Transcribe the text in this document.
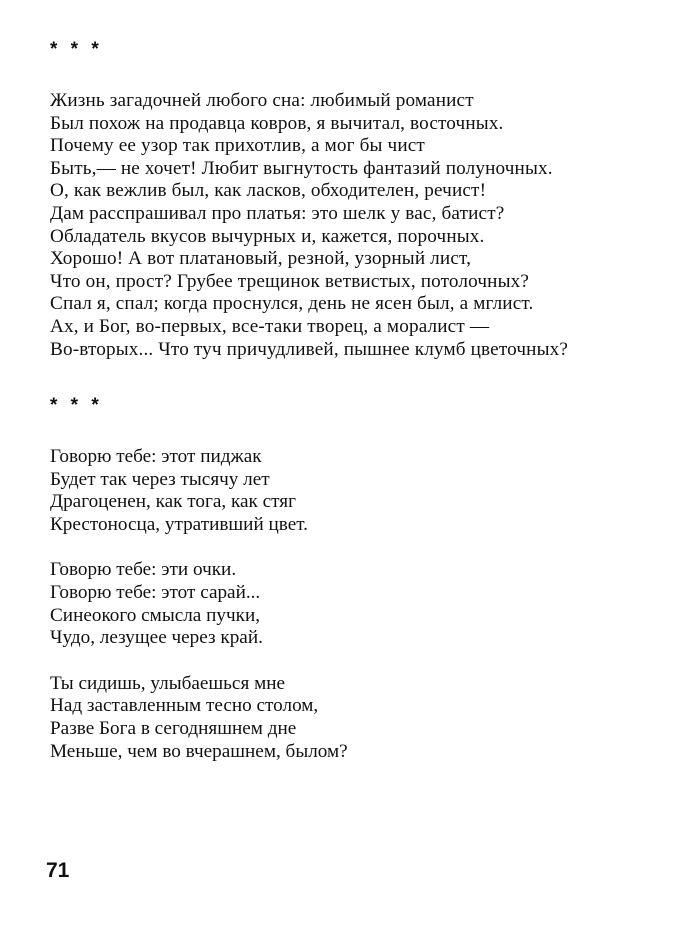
* * *
Жизнь загадочней любого сна: любимый романист
Был похож на продавца ковров, я вычитал, восточных.
Почему ее узор так прихотлив, а мог бы чист
Быть,— не хочет! Любит выгнутость фантазий полуночных.
О, как вежлив был, как ласков, обходителен, речист!
Дам расспрашивал про платья: это шелк у вас, батист?
Обладатель вкусов вычурных и, кажется, порочных.
Хорошо! А вот платановый, резной, узорный лист,
Что он, прост? Грубее трещинок ветвистых, потолочных?
Спал я, спал; когда проснулся, день не ясен был, а мглист.
Ах, и Бог, во-первых, все-таки творец, а моралист —
Во-вторых... Что туч причудливей, пышнее клумб цветочных?
* * *
Говорю тебе: этот пиджак
Будет так через тысячу лет
Драгоценен, как тога, как стяг
Крестоносца, утративший цвет.
Говорю тебе: эти очки.
Говорю тебе: этот сарай...
Синеокого смысла пучки,
Чудо, лезущее через край.
Ты сидишь, улыбаешься мне
Над заставленным тесно столом,
Разве Бога в сегодняшнем дне
Меньше, чем во вчерашнем, былом?
71
